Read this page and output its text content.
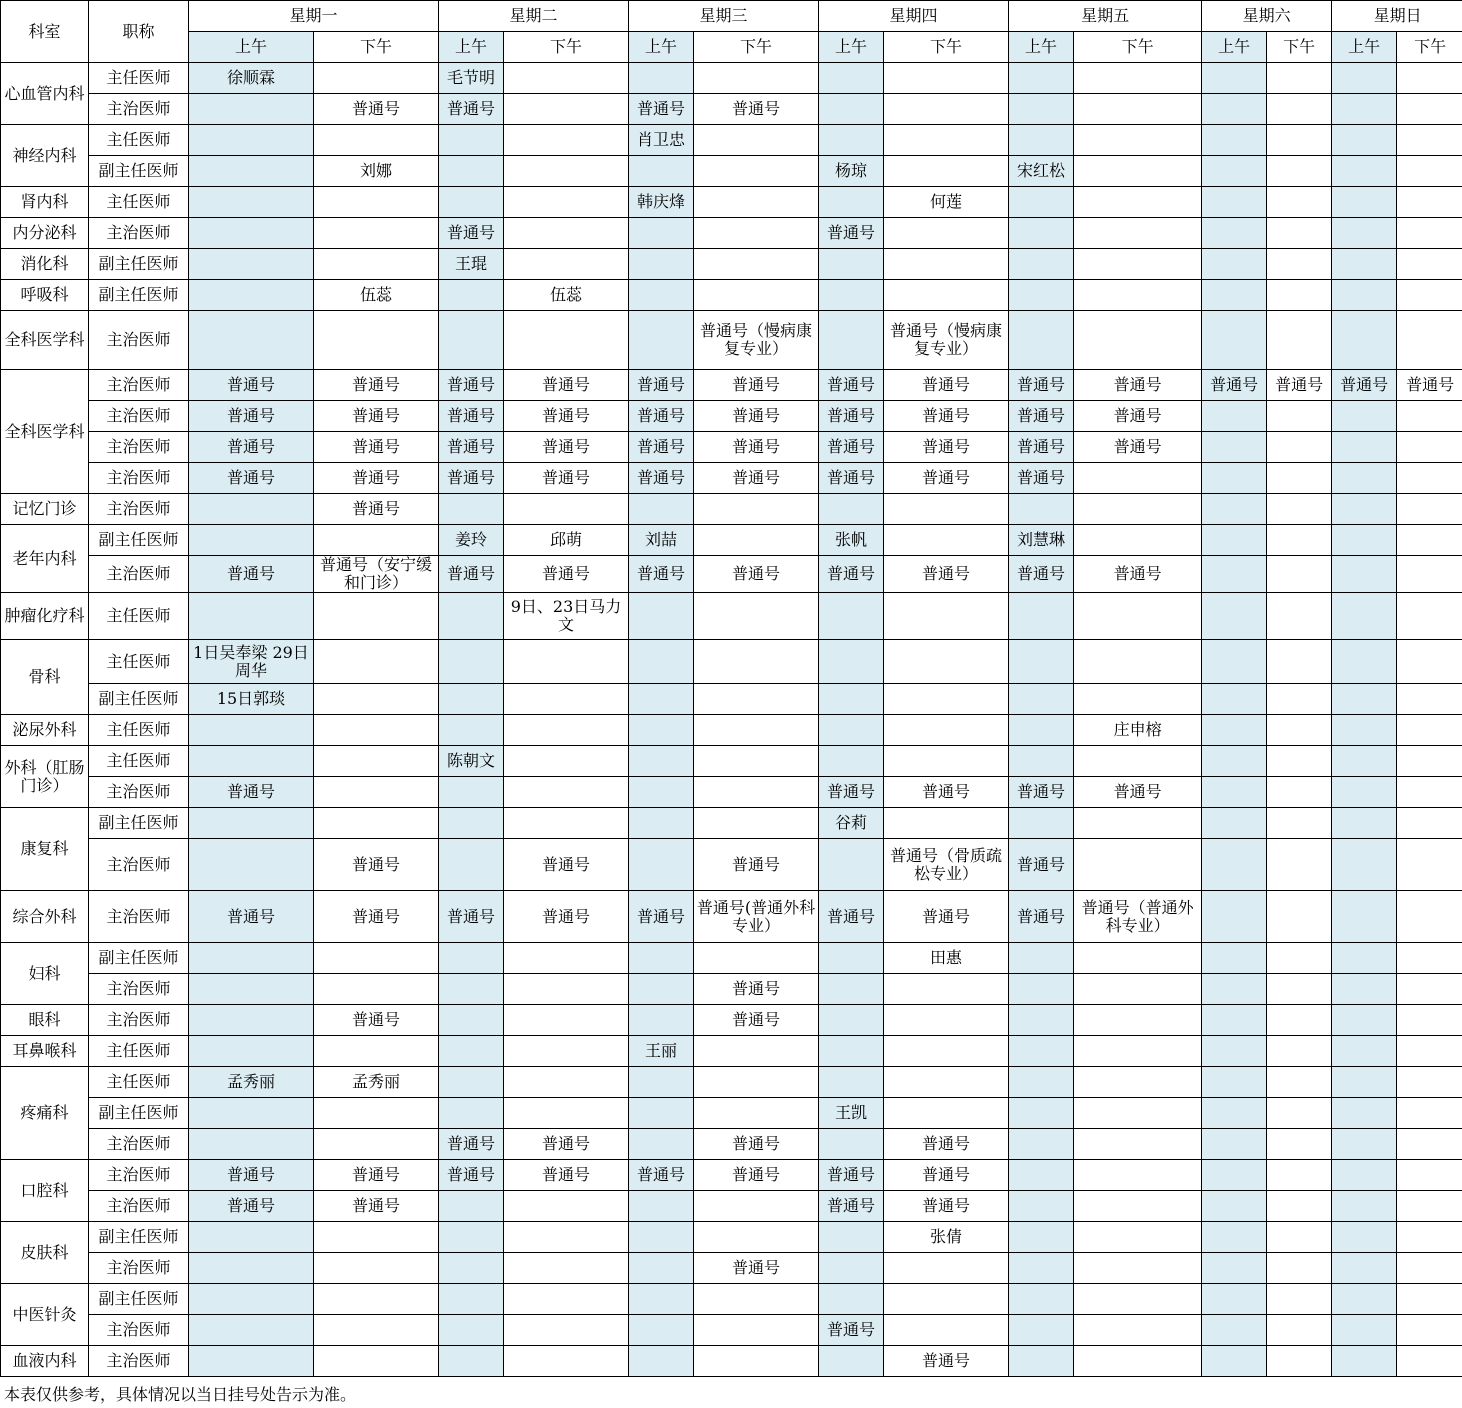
科室	职称	星期一		星期二		星期三		星期四		星期五		星期六		星期日	
		上午	下午	上午	下午	上午	下午	上午	下午	上午	下午	上午	下午	上午	下午
心血管内科	主任医师	徐顺霖		毛节明											
	主治医师		普通号	普通号		普通号	普通号								
神经内科	主任医师					肖卫忠									
	副主任医师		刘娜					杨琼		宋红松					
肾内科	主任医师					韩庆烽			何莲						
内分泌科	主治医师			普通号				普通号							
消化科	副主任医师			王琨											
呼吸科	副主任医师		伍蕊		伍蕊										
全科医学科	主治医师						普通号（慢病康复专业）		普通号（慢病康复专业）						
全科医学科	主治医师	普通号	普通号	普通号	普通号	普通号	普通号	普通号	普通号	普通号	普通号	普通号	普通号	普通号	普通号
	主治医师	普通号	普通号	普通号	普通号	普通号	普通号	普通号	普通号	普通号	普通号				
	主治医师	普通号	普通号	普通号	普通号	普通号	普通号	普通号	普通号	普通号	普通号				
	主治医师	普通号	普通号	普通号	普通号	普通号	普通号	普通号	普通号	普通号					
记忆门诊	主治医师		普通号												
老年内科	副主任医师			姜玲	邱萌	刘喆		张帆		刘慧琳					
	主治医师	普通号	普通号（安宁缓和门诊）	普通号	普通号	普通号	普通号	普通号	普通号	普通号	普通号				
肿瘤化疗科	主任医师				9日、23日马力文										
骨科	主任医师	1日吴奉梁 29日周华													
	副主任医师	15日郭琰													
泌尿外科	主任医师										庄申榕				
外科（肛肠门诊）	主任医师			陈朝文											
	主治医师	普通号						普通号	普通号	普通号	普通号				
康复科	副主任医师							谷莉							
	主治医师		普通号		普通号		普通号		普通号（骨质疏松专业）	普通号					
综合外科	主治医师	普通号	普通号	普通号	普通号	普通号	普通号(普通外科专业）	普通号	普通号	普通号	普通号（普通外科专业）				
妇科	副主任医师								田惠						
	主治医师						普通号								
眼科	主治医师		普通号				普通号								
耳鼻喉科	主任医师					王丽									
疼痛科	主任医师	孟秀丽	孟秀丽												
	副主任医师							王凯							
	主治医师			普通号	普通号		普通号		普通号						
口腔科	主治医师	普通号	普通号	普通号	普通号	普通号	普通号	普通号	普通号						
	主治医师	普通号	普通号					普通号	普通号						
皮肤科	副主任医师								张倩						
	主治医师						普通号								
中医针灸	副主任医师														
	主治医师							普通号							
血液内科	主治医师								普通号						
本表仅供参考，具体情况以当日挂号处告示为准。
